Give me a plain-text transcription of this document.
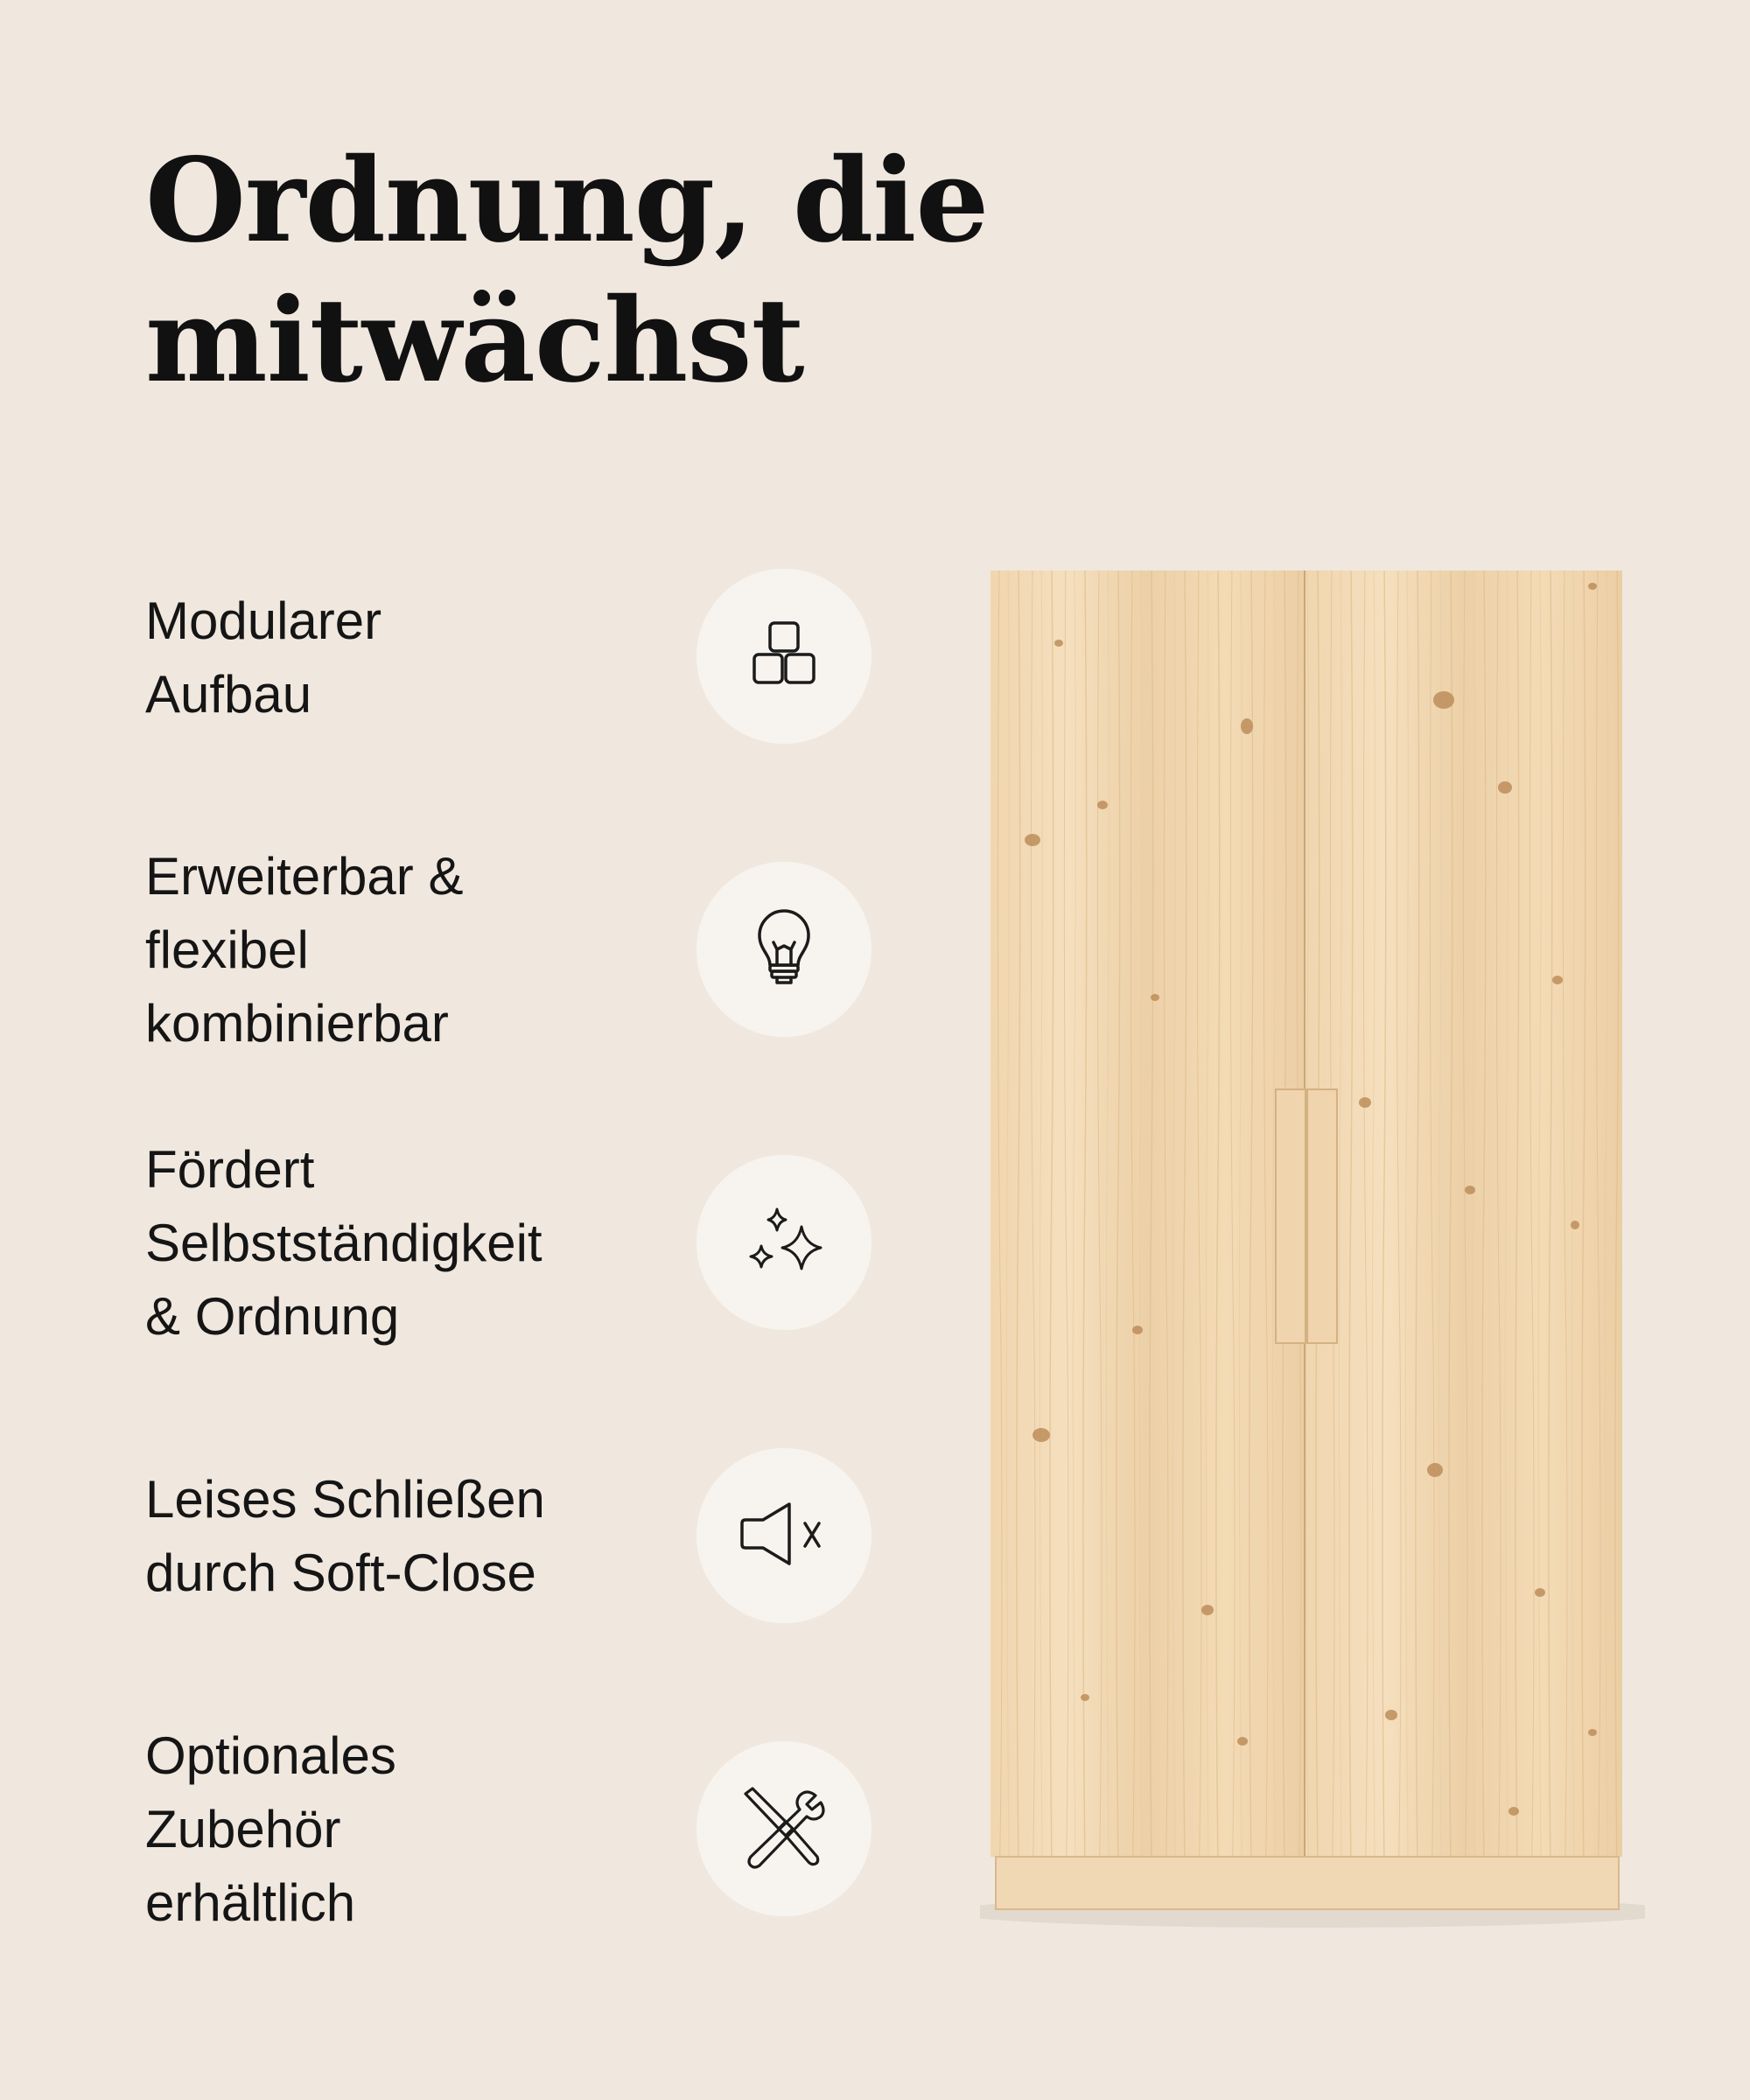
Ordnung, die
mitwächst

Modularer
Aufbau

Erweiterbar &
flexibel
kombinierbar

Fördert
Selbstständigkeit
& Ordnung

Leises Schließen
durch Soft-Close

Optionales
Zubehör
erhältlich
